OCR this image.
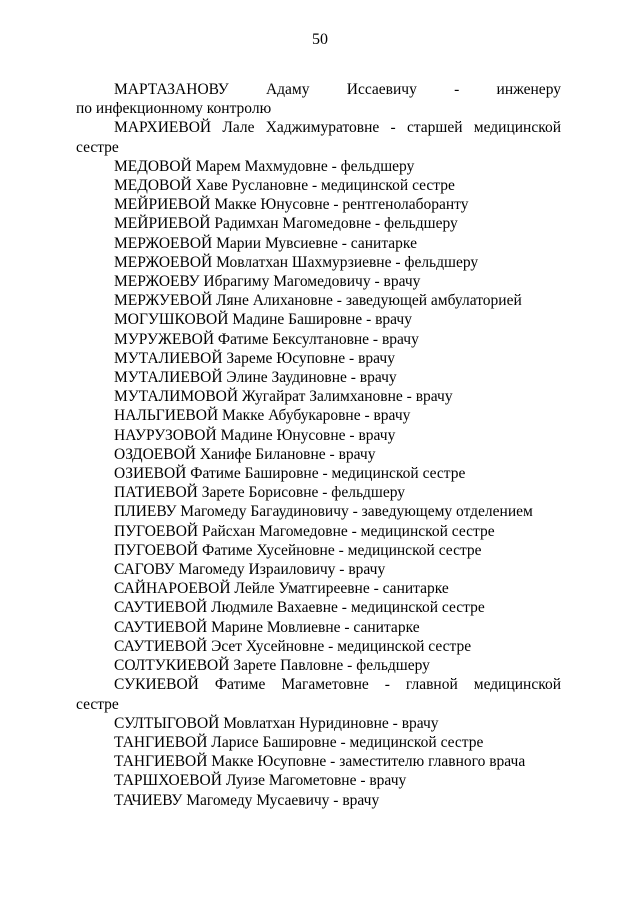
50
МАРТАЗАНОВУ Адаму Иссаевичу - инженеру
по инфекционному контролю
МАРХИЕВОЙ Лале Хаджимуратовне - старшей медицинской
сестре
МЕДОВОЙ Марем Махмудовне - фельдшеру
МЕДОВОЙ Хаве Руслановне - медицинской сестре
МЕЙРИЕВОЙ Макке Юнусовне - рентгенолаборанту
МЕЙРИЕВОЙ Радимхан Магомедовне - фельдшеру
МЕРЖОЕВОЙ Марии Мувсиевне - санитарке
МЕРЖОЕВОЙ Мовлатхан Шахмурзиевне - фельдшеру
МЕРЖОЕВУ Ибрагиму Магомедовичу - врачу
МЕРЖУЕВОЙ Ляне Алихановне - заведующей амбулаторией
МОГУШКОВОЙ Мадине Башировне - врачу
МУРУЖЕВОЙ Фатиме Бексултановне - врачу
МУТАЛИЕВОЙ Зареме Юсуповне - врачу
МУТАЛИЕВОЙ Элине Заудиновне - врачу
МУТАЛИМОВОЙ Жугайрат Залимхановне - врачу
НАЛЬГИЕВОЙ Макке Абубукаровне - врачу
НАУРУЗОВОЙ Мадине Юнусовне - врачу
ОЗДОЕВОЙ Ханифе Билановне - врачу
ОЗИЕВОЙ Фатиме Башировне - медицинской сестре
ПАТИЕВОЙ Зарете Борисовне - фельдшеру
ПЛИЕВУ Магомеду Багаудиновичу - заведующему отделением
ПУГОЕВОЙ Райсхан Магомедовне - медицинской сестре
ПУГОЕВОЙ Фатиме Хусейновне - медицинской сестре
САГОВУ Магомеду Израиловичу - врачу
САЙНАРОЕВОЙ Лейле Уматгиреевне - санитарке
САУТИЕВОЙ Людмиле Вахаевне - медицинской сестре
САУТИЕВОЙ Марине Мовлиевне - санитарке
САУТИЕВОЙ Эсет Хусейновне - медицинской сестре
СОЛТУКИЕВОЙ Зарете Павловне - фельдшеру
СУКИЕВОЙ Фатиме Магаметовне - главной медицинской
сестре
СУЛТЫГОВОЙ Мовлатхан Нуридиновне - врачу
ТАНГИЕВОЙ Ларисе Башировне - медицинской сестре
ТАНГИЕВОЙ Макке Юсуповне - заместителю главного врача
ТАРШХОЕВОЙ Луизе Магометовне - врачу
ТАЧИЕВУ Магомеду Мусаевичу - врачу
